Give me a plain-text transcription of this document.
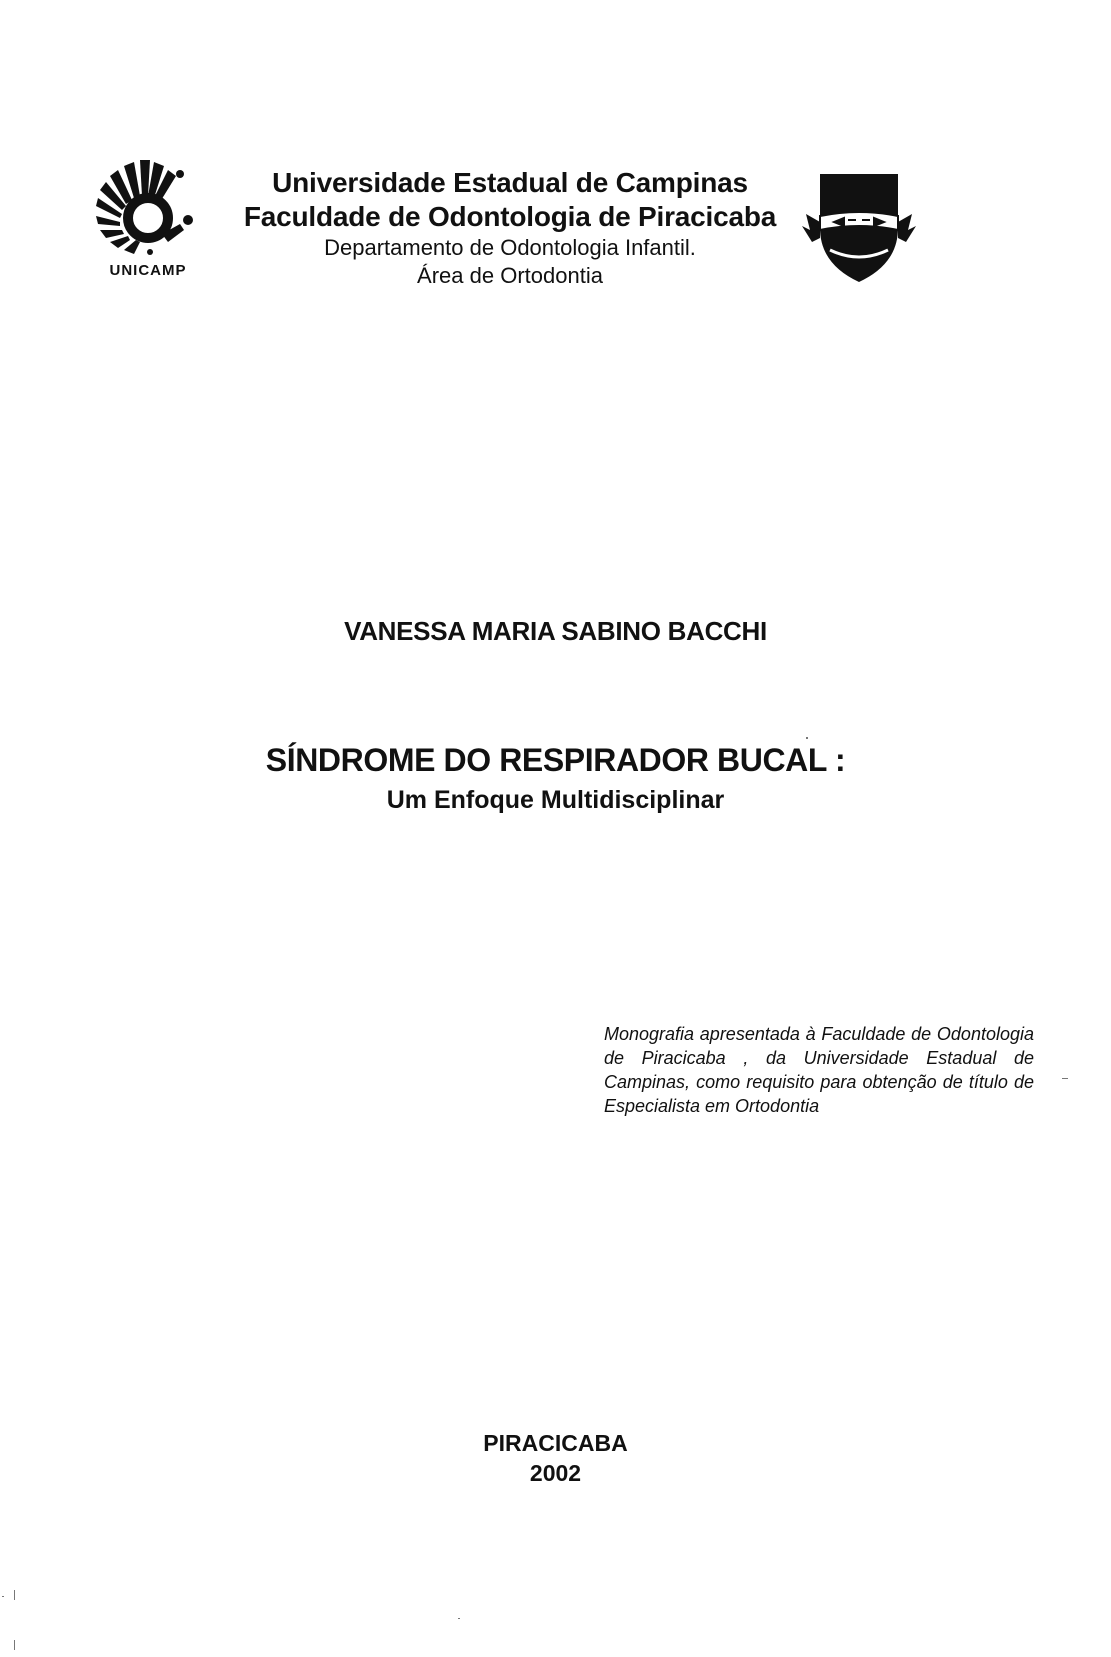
UNICAMP
Universidade Estadual de Campinas
Faculdade de Odontologia de Piracicaba
Departamento de Odontologia Infantil.
Área de Ortodontia
VANESSA MARIA SABINO BACCHI
SÍNDROME DO RESPIRADOR BUCAL :
Um Enfoque Multidisciplinar
Monografia apresentada à Faculdade de Odontologia de Piracicaba , da Universidade Estadual de Campinas, como requisito para obtenção de título de Especialista em Ortodontia
PIRACICABA
2002
